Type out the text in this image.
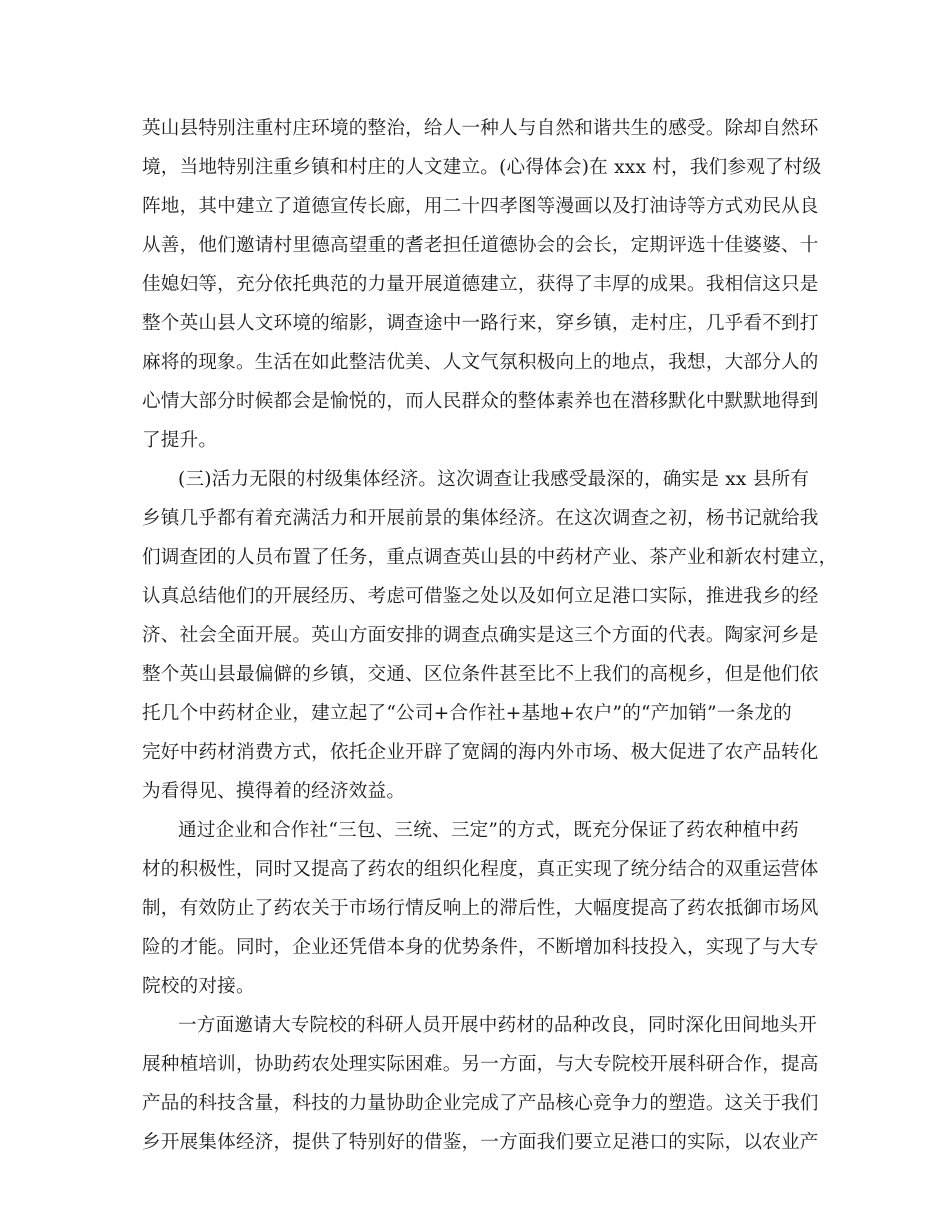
英山县特别注重村庄环境的整治，给人一种人与自然和谐共生的感受。除却自然环
境，当地特别注重乡镇和村庄的人文建立。(心得体会)在 xxx 村，我们参观了村级
阵地，其中建立了道德宣传长廊，用二十四孝图等漫画以及打油诗等方式劝民从良
从善，他们邀请村里德高望重的耆老担任道德协会的会长，定期评选十佳婆婆、十
佳媳妇等，充分依托典范的力量开展道德建立，获得了丰厚的成果。我相信这只是
整个英山县人文环境的缩影，调查途中一路行来，穿乡镇，走村庄，几乎看不到打
麻将的现象。生活在如此整洁优美、人文气氛积极向上的地点，我想，大部分人的
心情大部分时候都会是愉悦的，而人民群众的整体素养也在潜移默化中默默地得到
了提升。
(三)活力无限的村级集体经济。这次调查让我感受最深的，确实是 xx 县所有
乡镇几乎都有着充满活力和开展前景的集体经济。在这次调查之初，杨书记就给我
们调查团的人员布置了任务，重点调查英山县的中药材产业、茶产业和新农村建立，
认真总结他们的开展经历、考虑可借鉴之处以及如何立足港口实际，推进我乡的经
济、社会全面开展。英山方面安排的调查点确实是这三个方面的代表。陶家河乡是
整个英山县最偏僻的乡镇，交通、区位条件甚至比不上我们的高枧乡，但是他们依
托几个中药材企业，建立起了“公司+合作社+基地+农户”的“产加销”一条龙的
完好中药材消费方式，依托企业开辟了宽阔的海内外市场、极大促进了农产品转化
为看得见、摸得着的经济效益。
通过企业和合作社“三包、三统、三定”的方式，既充分保证了药农种植中药
材的积极性，同时又提高了药农的组织化程度，真正实现了统分结合的双重运营体
制，有效防止了药农关于市场行情反响上的滞后性，大幅度提高了药农抵御市场风
险的才能。同时，企业还凭借本身的优势条件，不断增加科技投入，实现了与大专
院校的对接。
一方面邀请大专院校的科研人员开展中药材的品种改良，同时深化田间地头开
展种植培训，协助药农处理实际困难。另一方面，与大专院校开展科研合作，提高
产品的科技含量，科技的力量协助企业完成了产品核心竞争力的塑造。这关于我们
乡开展集体经济，提供了特别好的借鉴，一方面我们要立足港口的实际，以农业产
